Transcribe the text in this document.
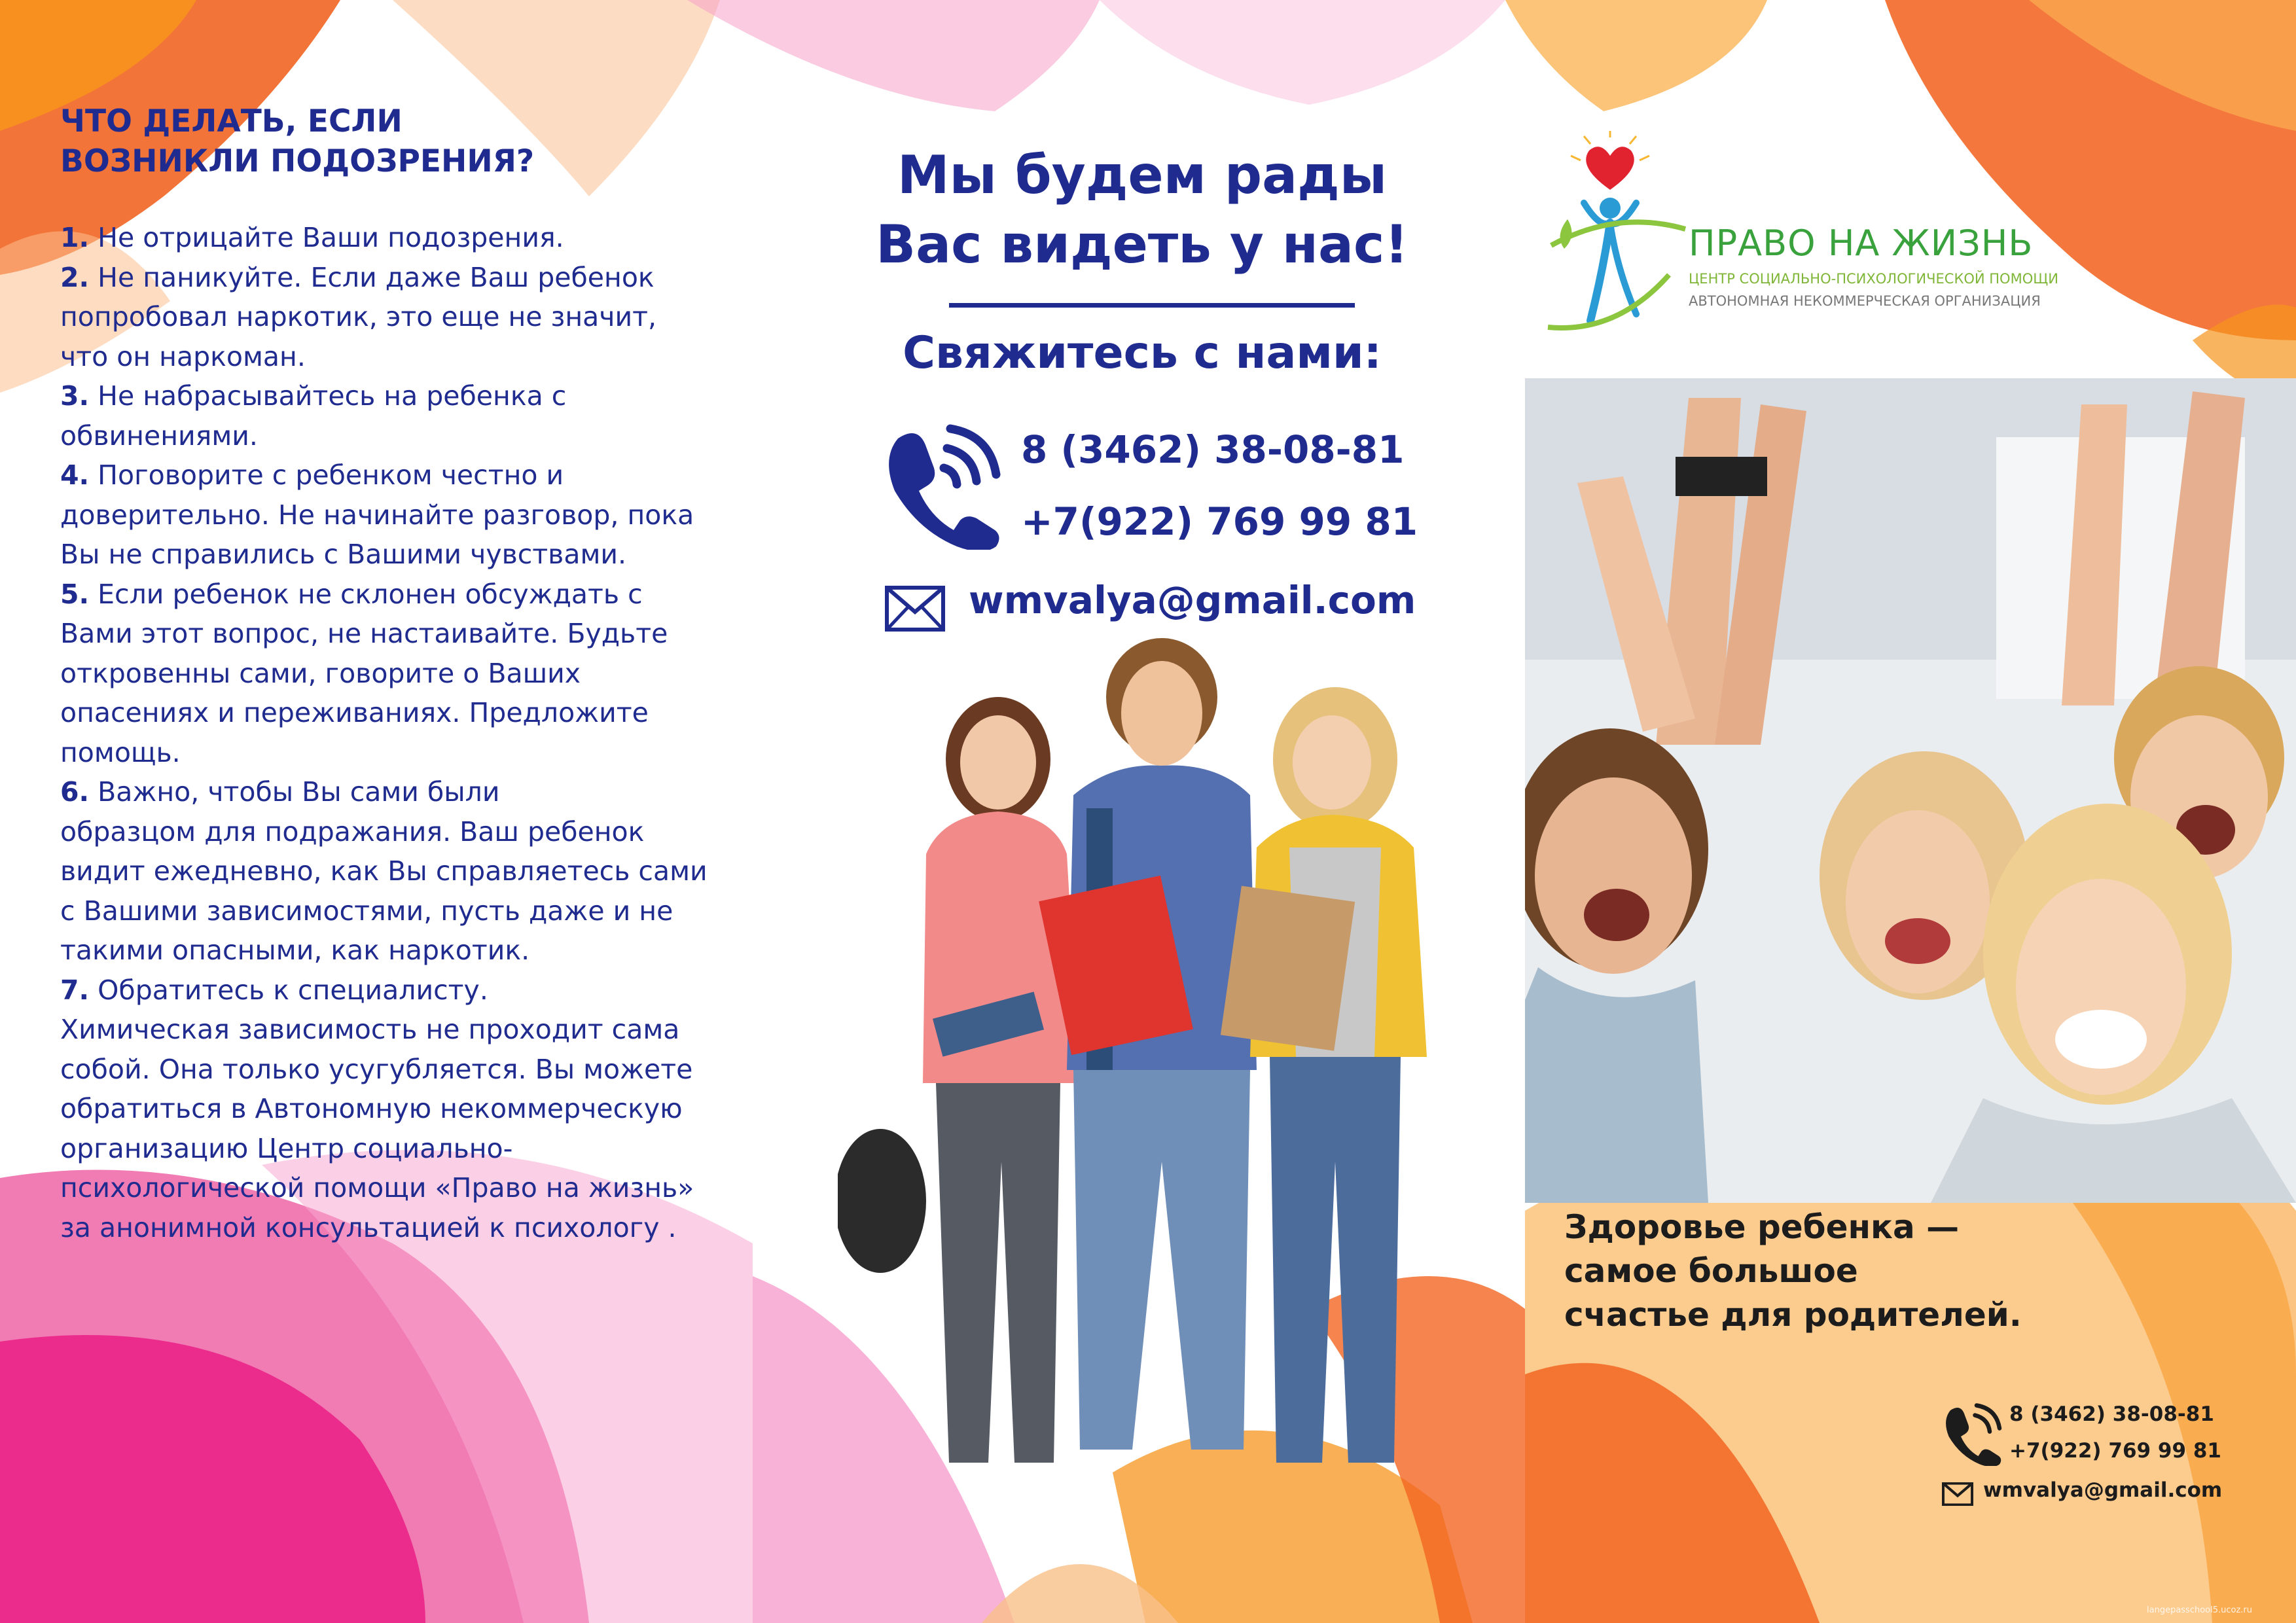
ЧТО ДЕЛАТЬ, ЕСЛИ
ВОЗНИКЛИ ПОДОЗРЕНИЯ?

1. Не отрицайте Ваши подозрения.

2. Не паникуйте. Если даже Ваш ребенок
попробовал наркотик, это еще не значит,
что он наркоман.

3. Не набрасывайтесь на ребенка с
обвинениями.

4. Поговорите с ребенком честно и
доверительно. Не начинайте разговор, пока
Вы не справились с Вашими чувствами.

5. Если ребенок не склонен обсуждать с
Вами этот вопрос, не настаивайте. Будьте
откровенны сами, говорите о Ваших
опасениях и переживаниях. Предложите
помощь.

6. Важно, чтобы Вы сами были
образцом для подражания. Ваш ребенок
видит ежедневно, как Вы справляетесь сами
с Вашими зависимостями, пусть даже и не
такими опасными, как наркотик.

7. Обратитесь к специалисту.
Химическая зависимость не проходит сама
собой. Она только усугубляется. Вы можете
обратиться в Автономную некоммерческую
организацию Центр социально-
психологической помощи «Право на жизнь»
за анонимной консультацией к психологу .

Мы будем рады
Вас видеть у нас!
Свяжитесь с нами:
8 (3462) 38-08-81
+7(922) 769 99 81
wmvalya@gmail.com
ПРАВО НА ЖИЗНЬ
ЦЕНТР СОЦИАЛЬНО-ПСИХОЛОГИЧЕСКОЙ ПОМОЩИ
АВТОНОМНАЯ НЕКОММЕРЧЕСКАЯ ОРГАНИЗАЦИЯ
Здоровье ребенка —
самое большое
счастье для родителей.
8 (3462) 38-08-81
+7(922) 769 99 81
wmvalya@gmail.com
langepasschool5.ucoz.ru
